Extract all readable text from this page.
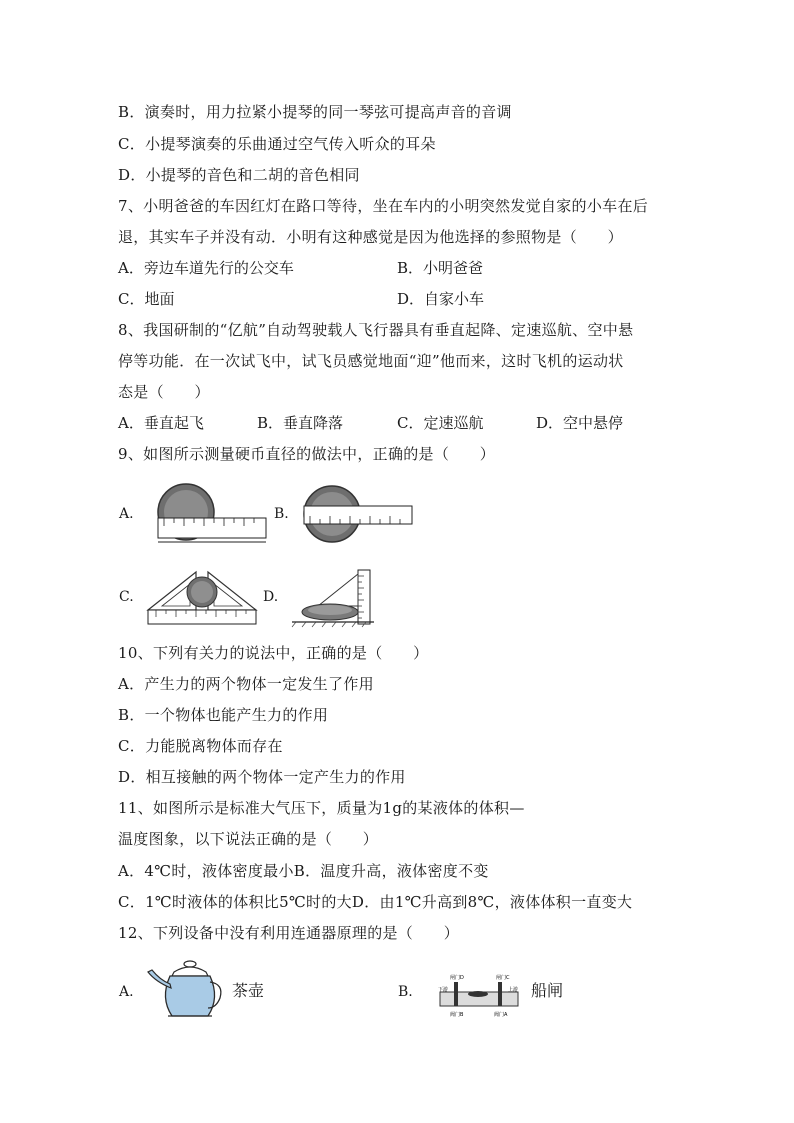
B．演奏时，用力拉紧小提琴的同一琴弦可提高声音的音调
C．小提琴演奏的乐曲通过空气传入听众的耳朵
D．小提琴的音色和二胡的音色相同
7、小明爸爸的车因红灯在路口等待，坐在车内的小明突然发觉自家的小车在后
退，其实车子并没有动．小明有这种感觉是因为他选择的参照物是（　　）
A．旁边车道先行的公交车	B．小明爸爸
C．地面	D．自家小车
8、我国研制的“亿航”自动驾驶载人飞行器具有垂直起降、定速巡航、空中悬
停等功能．在一次试飞中，试飞员感觉地面“迎”他而来，这时飞机的运动状
态是（　　）
A．垂直起飞	B．垂直降落	C．定速巡航	D．空中悬停
9、如图所示测量硬币直径的做法中，正确的是（　　）
A.	B.
C.	D.
10、下列有关力的说法中，正确的是（　　）
A．产生力的两个物体一定发生了作用
B．一个物体也能产生力的作用
C．力能脱离物体而存在
D．相互接触的两个物体一定产生力的作用
11、如图所示是标准大气压下，质量为1g的某液体的体积—
温度图象，以下说法正确的是（　　）
A．4℃时，液体密度最小B．温度升高，液体密度不变
C．1℃时液体的体积比5℃时的大D．由1℃升高到8℃，液体体积一直变大
12、下列设备中没有利用连通器原理的是（　　）
A.	茶壶	B.
闸门D	闸门C
阀门B	阀门A
下游	上游 船闸
